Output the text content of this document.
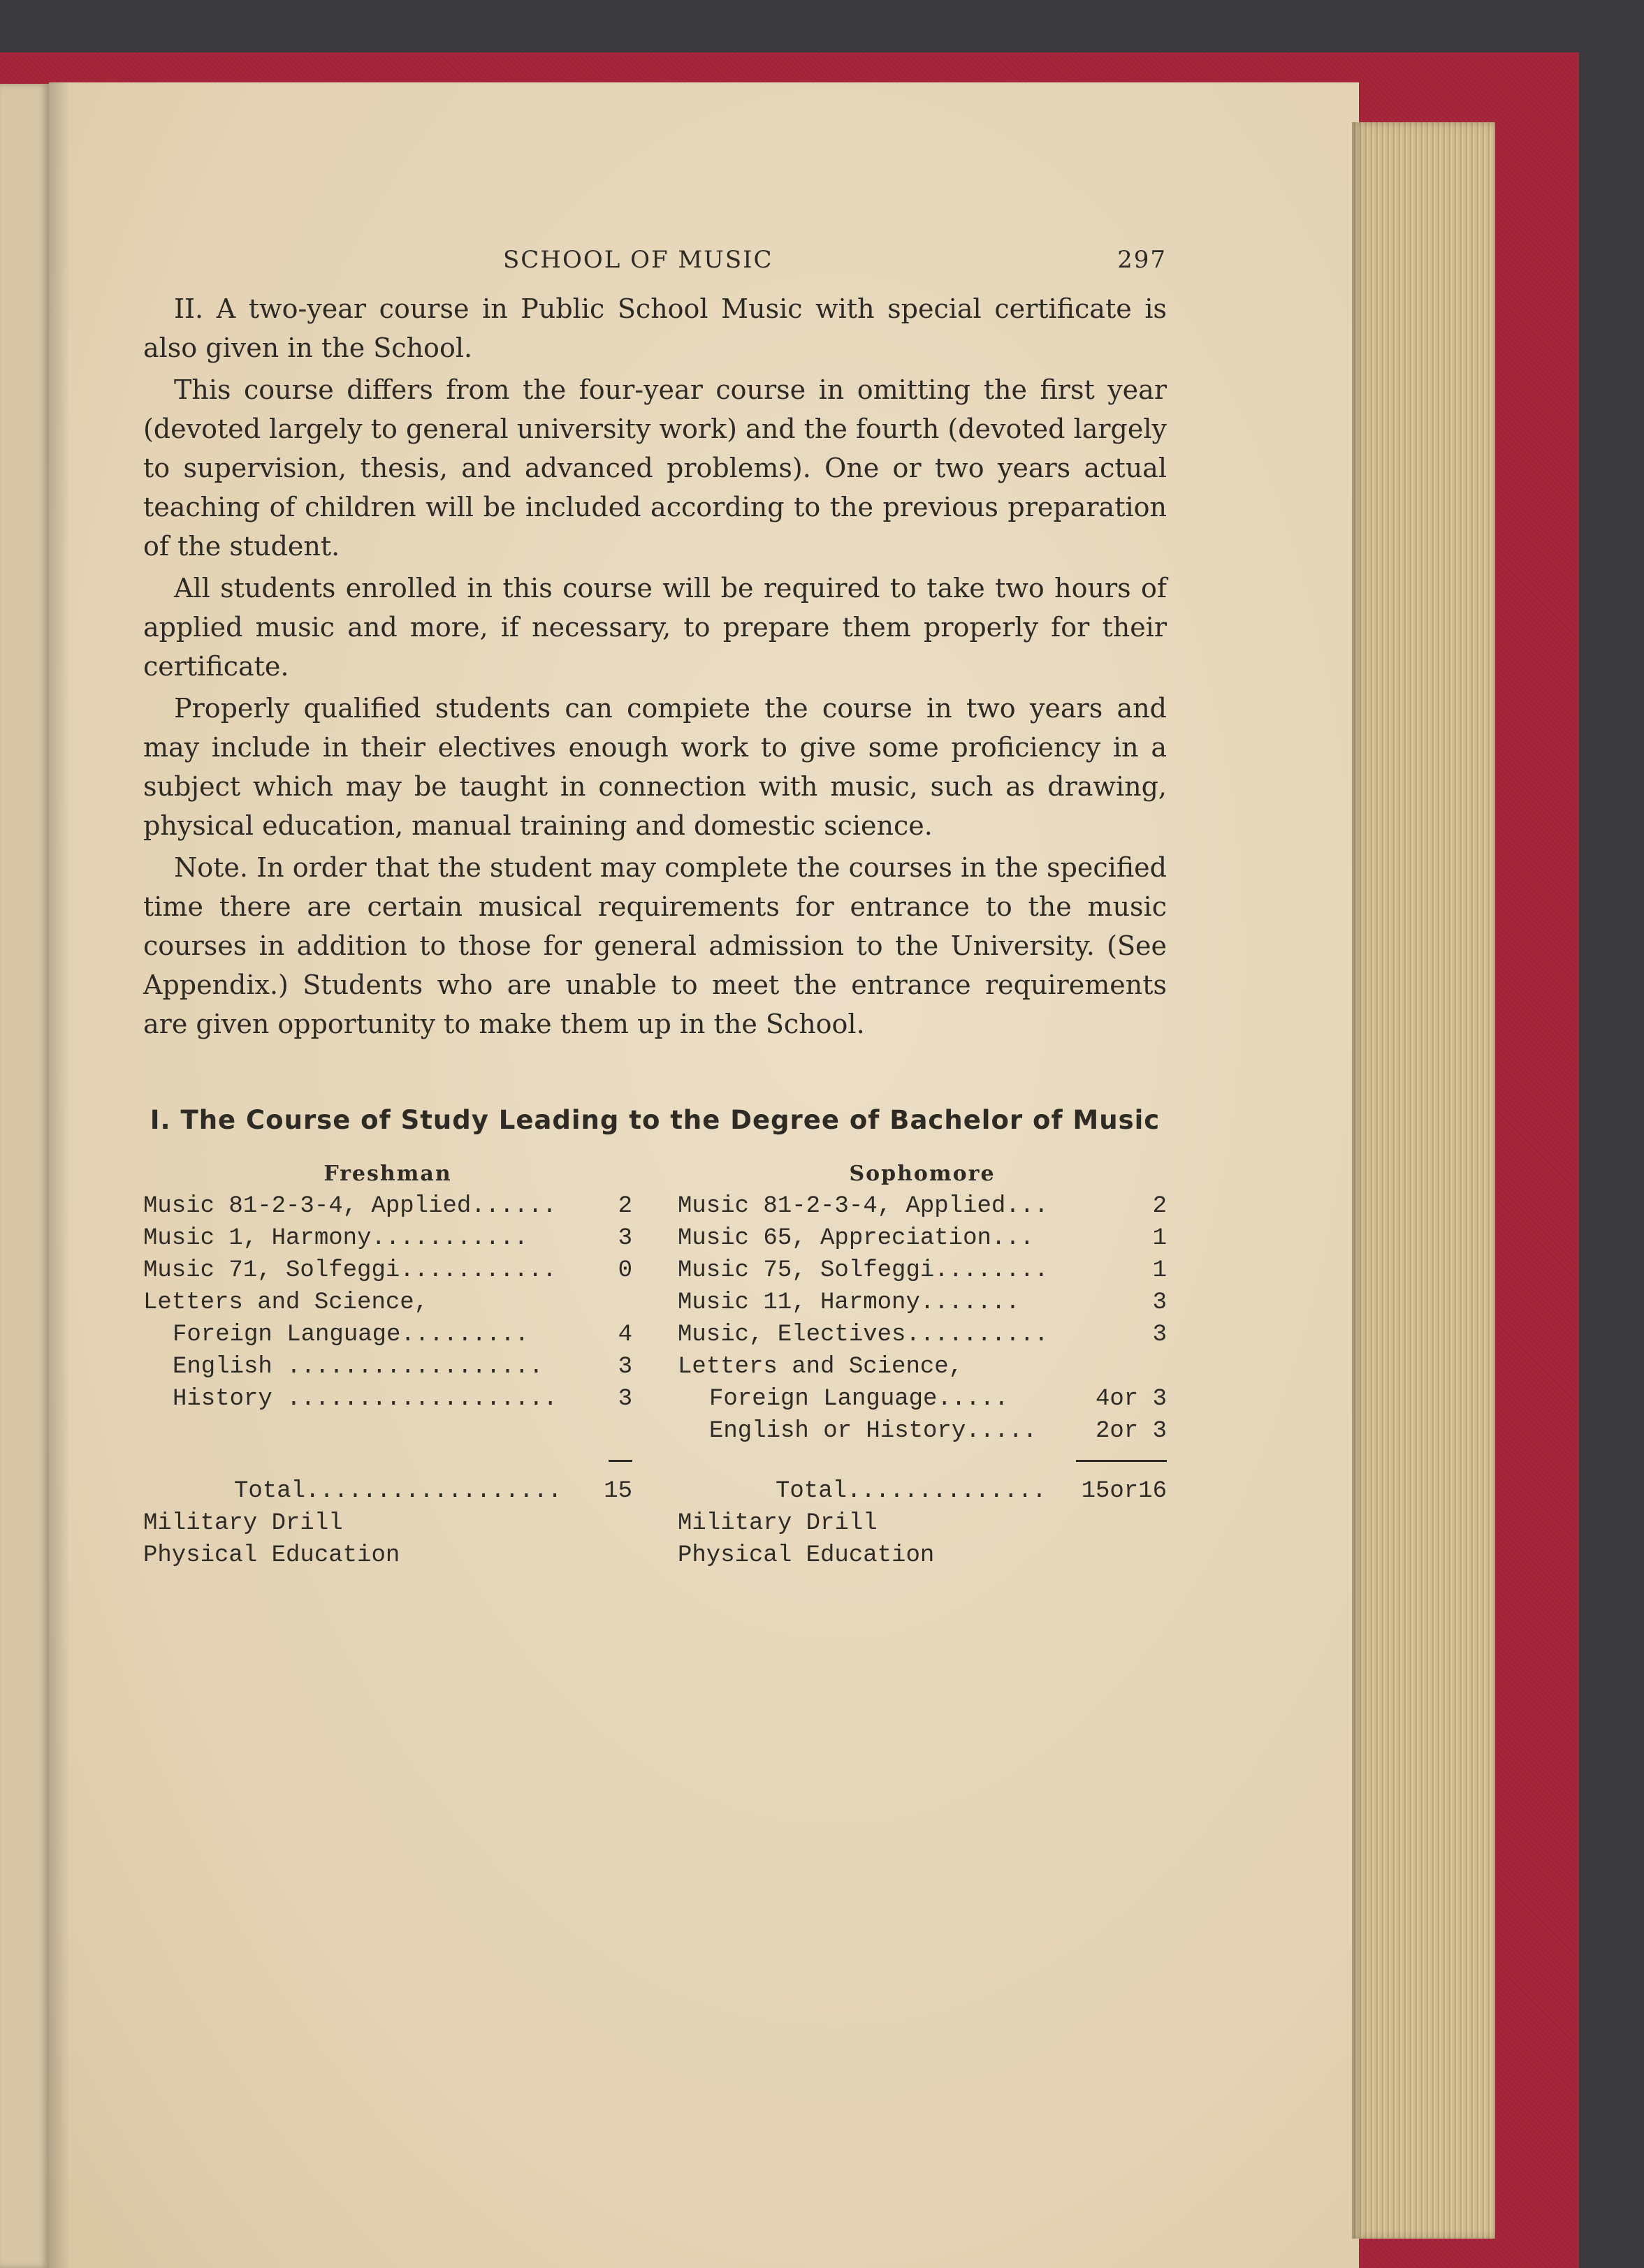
SCHOOL OF MUSIC	297

II. A two-year course in Public School Music with special certificate is also given in the School.

This course differs from the four-year course in omitting the first year (devoted largely to general university work) and the fourth (devoted largely to supervision, thesis, and advanced problems). One or two years actual teaching of children will be included according to the previous preparation of the student.

All students enrolled in this course will be required to take two hours of applied music and more, if necessary, to prepare them properly for their certificate.

Properly qualified students can compiete the course in two years and may include in their electives enough work to give some proficiency in a subject which may be taught in connection with music, such as drawing, physical education, manual training and domestic science.

Note. In order that the student may complete the courses in the specified time there are certain musical requirements for entrance to the music courses in addition to those for general admission to the University. (See Appendix.) Students who are unable to meet the entrance requirements are given opportunity to make them up in the School.

I. The Course of Study Leading to the Degree of Bachelor of Music
Freshman
Music 81-2-3-4, Applied......	2
Music 1, Harmony...........	3
Music 71, Solfeggi...........	0
Letters and Science,
Foreign Language.........	4
English ..................	3
History ...................	3
Total.................. 15
Military Drill
Physical Education
Sophomore
Music 81-2-3-4, Applied...	2
Music 65, Appreciation...	1
Music 75, Solfeggi........	1
Music 11, Harmony.......	3
Music, Electives..........	3
Letters and Science,
Foreign Language.....	4or 3
English or History..... 2or 3
Total.............. 15or16
Military Drill
Physical Education
